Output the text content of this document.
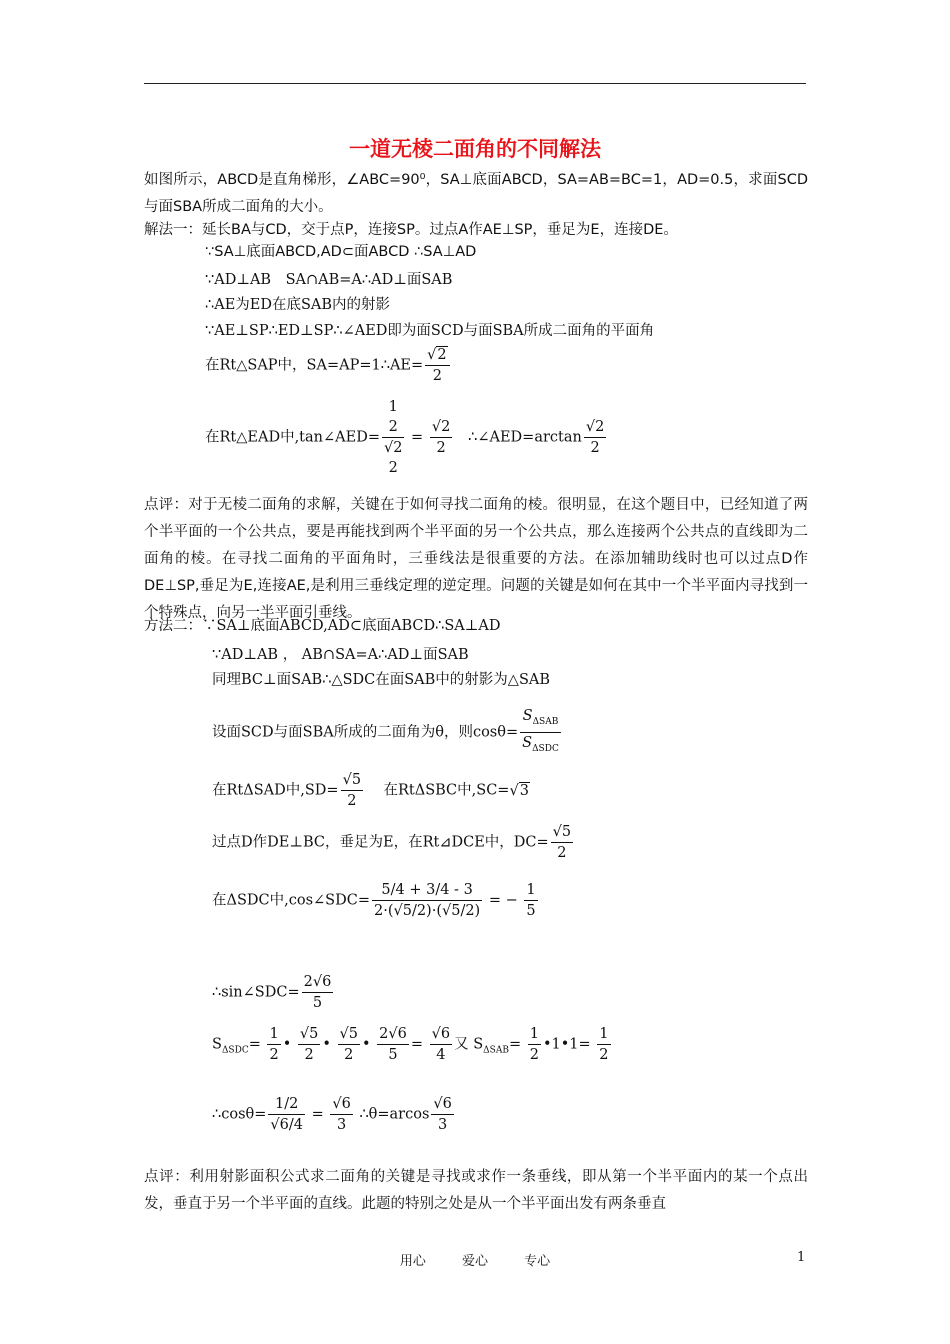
一道无棱二面角的不同解法
如图所示，ABCD是直角梯形，∠ABC=90⁰，SA⊥底面ABCD，SA=AB=BC=1，AD=0.5，求面SCD与面SBA所成二面角的大小。
解法一：延长BA与CD，交于点P，连接SP。过点A作AE⊥SP，垂足为E，连接DE。
∵SA⊥底面ABCD,AD⊂面ABCD ∴SA⊥AD
∵AD⊥AB　SA∩AB=A∴AD⊥面SAB
∴AE为ED在底SAB内的射影
∵AE⊥SP∴ED⊥SP∴∠AED即为面SCD与面SBA所成二面角的平面角
在Rt△SAP中，SA=AP=1∴AE= $\frac{√2}{2}$
在Rt△EAD中,tan∠AED=
1
2
√2
2
= $\frac{√2}{2}$ ∴∠AED=arctan $\frac{√2}{2}$
点评：对于无棱二面角的求解，关键在于如何寻找二面角的棱。很明显，在这个题目中，已经知道了两个半平面的一个公共点，要是再能找到两个半平面的另一个公共点，那么连接两个公共点的直线即为二面角的棱。在寻找二面角的平面角时，三垂线法是很重要的方法。在添加辅助线时也可以过点D作DE⊥SP,垂足为E,连接AE,是利用三垂线定理的逆定理。问题的关键是如何在其中一个半平面内寻找到一个特殊点，向另一半平面引垂线。
方法二：∵SA⊥底面ABCD,AD⊂底面ABCD∴SA⊥AD
∵AD⊥AB ， AB∩SA=A∴AD⊥面SAB
同理BC⊥面SAB∴△SDC在面SAB中的射影为△SAB
设面SCD与面SBA所成的二面角为θ，则$\cos\theta= \frac{S_{\Delta SAB}}{S_{\Delta SDC}}$
在RtΔSAD中$,SD= \frac{√5}{2}$ 在RtΔSBC中,SC=√3
过点D作DE⊥BC，垂足为E，在Rt⊿DCE中，$DC= \frac{√5}{2}$
在ΔSDC中,cos∠SDC= $\frac{5/4 + 3/4 - 3}{2\cdot(√5/2)\cdot(√5/2)}$ = − $\frac{1}{5}$
∴sin∠SDC= $\frac{2√6}{5}$
$S_{\Delta SDC}= \frac{1}{2}$ • $\frac{√5}{2}$ • $\frac{√5}{2}$ • $\frac{2√6}{5} = \frac{√6}{4}$ 又 $S_{\Delta SAB}= \frac{1}{2}$ •1•1= $\frac{1}{2}$
∴cosθ= $\frac{1/2}{√6/4} = \frac{√6}{3}$ ∴θ=arcos $\frac{√6}{3}$
点评：利用射影面积公式求二面角的关键是寻找或求作一条垂线，即从第一个半平面内的某一个点出发，垂直于另一个半平面的直线。此题的特别之处是从一个半平面出发有两条垂直
用心	爱心	专心	1
